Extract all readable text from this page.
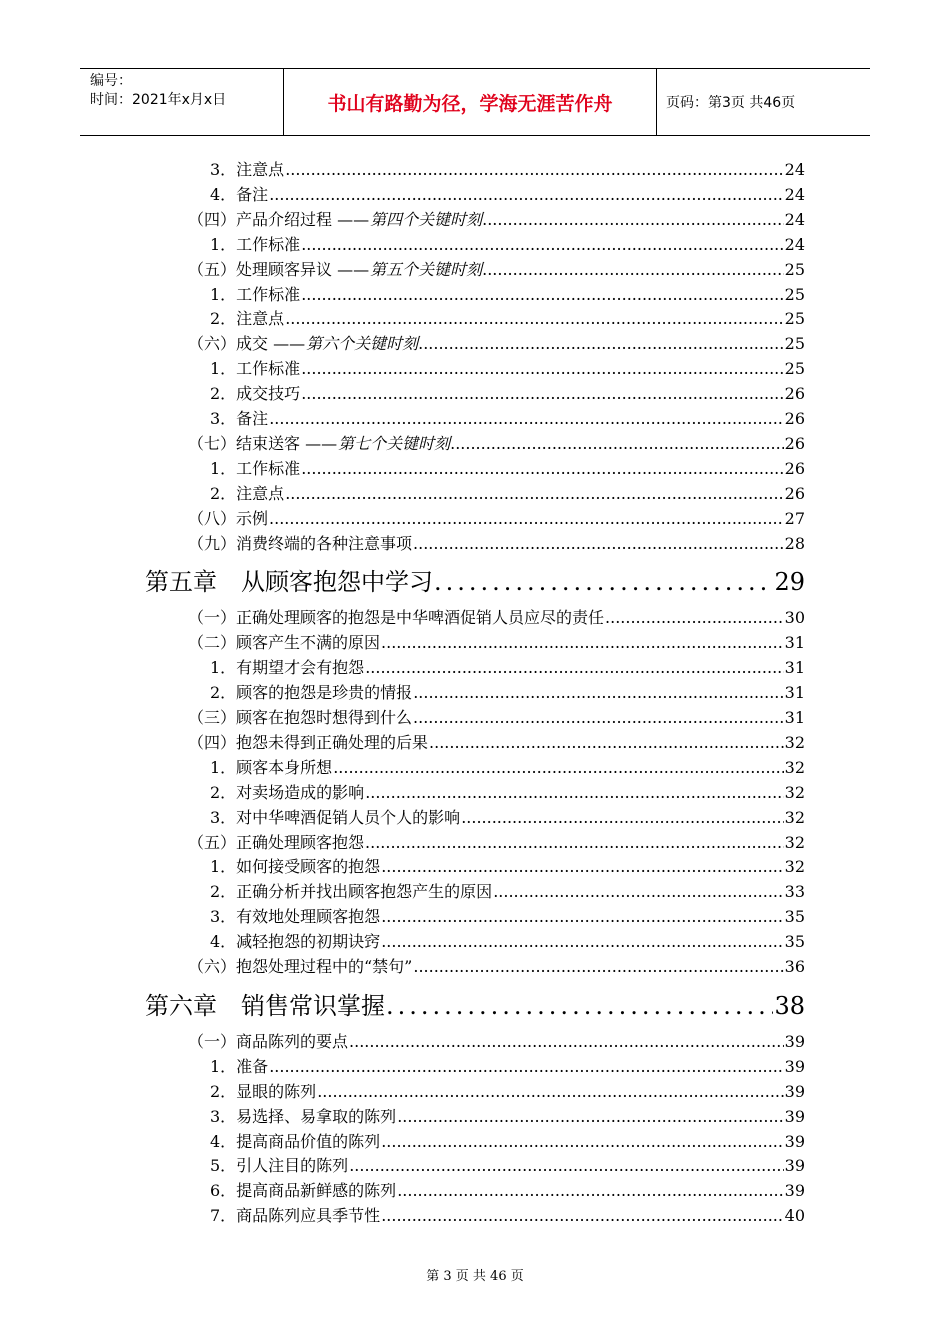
编号：
时间：2021年x月x日	书山有路勤为径，学海无涯苦作舟	页码：第3页 共46页
3．注意点 .....	24
4．备注 .....	24
（四）产品介绍过程 —— 第四个关键时刻 .....	24
1．工作标准 .....	24
（五）处理顾客异议 —— 第五个关键时刻 .....	25
1．工作标准 .....	25
2．注意点 .....	25
（六）成交 —— 第六个关键时刻 .....	25
1．工作标准 .....	25
2．成交技巧 .....	26
3．备注 .....	26
（七）结束送客 —— 第七个关键时刻 .....	26
1．工作标准 .....	26
2．注意点 .....	26
（八）示例 .....	27
（九）消费终端的各种注意事项 .....	28
第五章　从顾客抱怨中学习 .....	29
（一）正确处理顾客的抱怨是中华啤酒促销人员应尽的责任 .....	30
（二）顾客产生不满的原因 .....	31
1．有期望才会有抱怨 .....	31
2．顾客的抱怨是珍贵的情报 .....	31
（三）顾客在抱怨时想得到什么 .....	31
（四）抱怨未得到正确处理的后果 .....	32
1．顾客本身所想 .....	32
2．对卖场造成的影响 .....	32
3．对中华啤酒促销人员个人的影响 .....	32
（五）正确处理顾客抱怨 .....	32
1．如何接受顾客的抱怨 .....	32
2．正确分析并找出顾客抱怨产生的原因 .....	33
3．有效地处理顾客抱怨 .....	35
4．减轻抱怨的初期诀窍 .....	35
（六）抱怨处理过程中的“禁句” .....	36
第六章　销售常识掌握 .....	38
（一）商品陈列的要点 .....	39
1．准备 .....	39
2．显眼的陈列 .....	39
3．易选择、易拿取的陈列 .....	39
4．提高商品价值的陈列 .....	39
5．引人注目的陈列 .....	39
6．提高商品新鲜感的陈列 .....	39
7．商品陈列应具季节性 .....	40
第 3 页 共 46 页
